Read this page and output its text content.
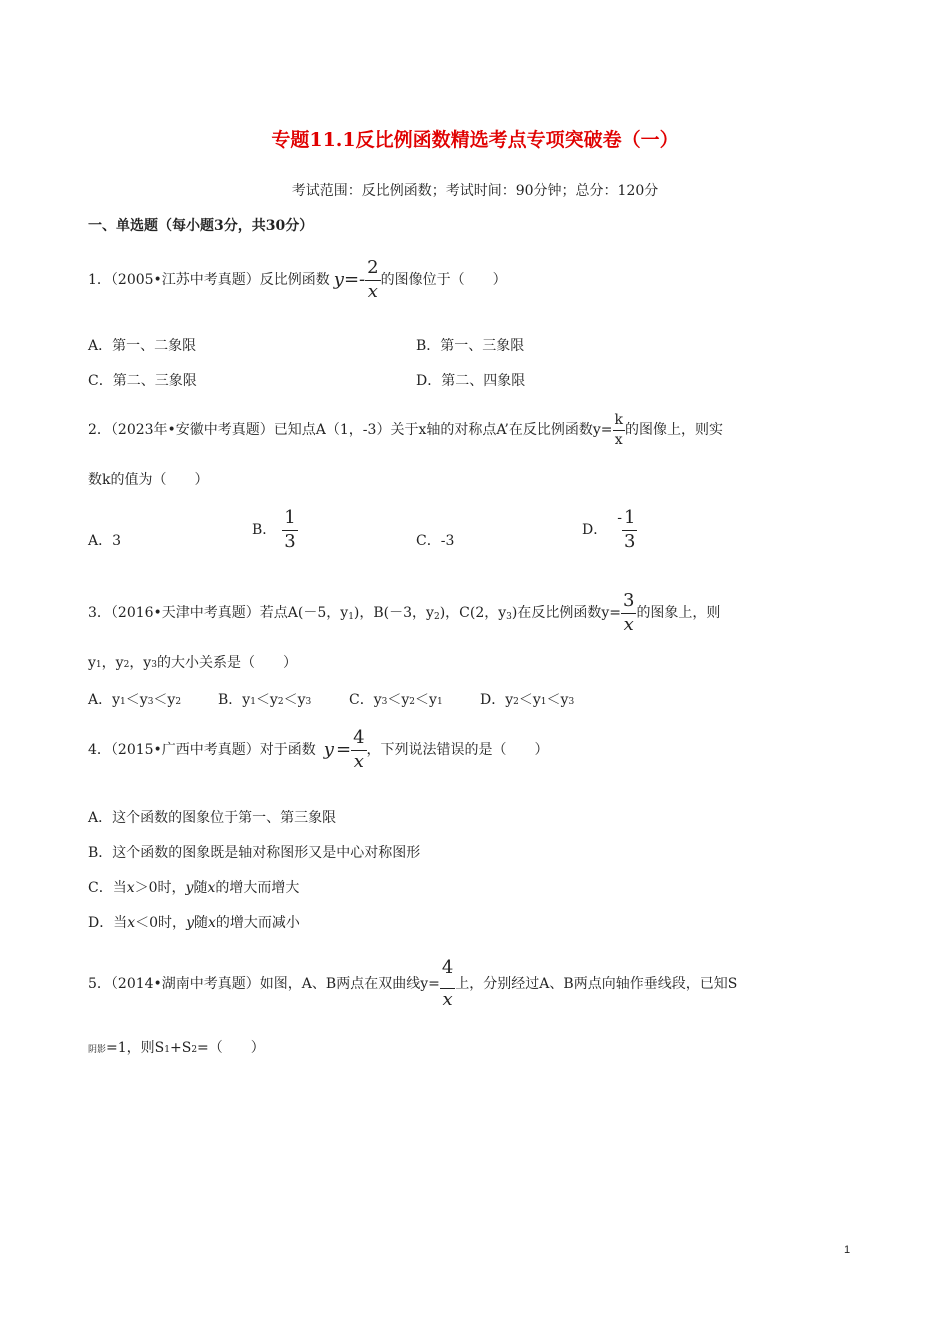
专题11.1反比例函数精选考点专项突破卷（一）
考试范围：反比例函数；考试时间：90分钟；总分：120分
一、单选题（每小题3分，共30分）
1．（2005•江苏中考真题）反比例函数 $y =- \frac{2}{x}$ 的图像位于（　　）
A．第一、二象限	B．第一、三象限
C．第二、三象限	D．第二、四象限
2．（2023年•安徽中考真题）已知点A（1，-3）关于x轴的对称点A’在反比例函数$y= \frac{k}{x}$ 的图像上，则实
数k的值为（　　）
A．3
B． $\frac{1}{3}$	C．-3
D．
- $\frac{1}{3}$
3．（2016•天津中考真题）若点A(－5，y 1 )，B(－3，y 2 )，C(2，y 3 )在反比例函数$y= \frac{3}{x}$ 的图象上，则
y1，y2，y3的大小关系是（　　）
A．y1＜y3＜y2	B．y1＜y2＜y3	C．y3＜y2＜y1	D．y2＜y1＜y3
4．（2015•广西中考真题）对于函数 $y = \frac{4}{x}$ ，下列说法错误的是（　　）
A．这个函数的图象位于第一、第三象限
B．这个函数的图象既是轴对称图形又是中心对称图形
C．当x＞0时，y随x的增大而增大
D．当x＜0时，y随x的增大而减小
5．（2014•湖南中考真题）如图，A、B两点在双曲线$y= \frac{4}{x}$ 上，分别经过A、B两点向轴作垂线段，已知S
阴影=1，则S1+S2=（　　）
1
